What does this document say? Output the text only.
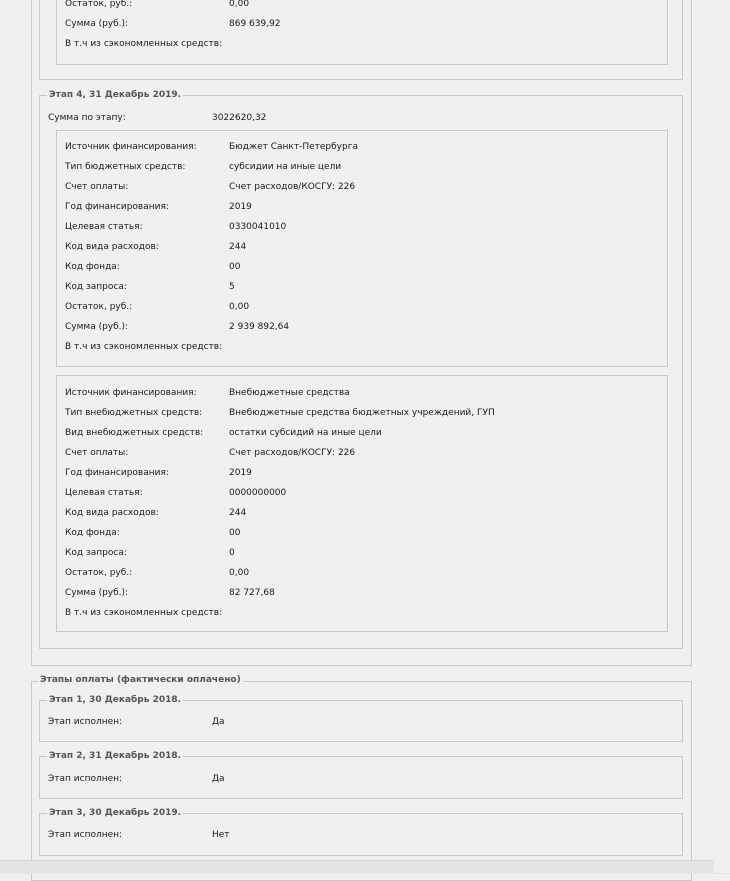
Остаток, руб.:	0,00
Сумма (руб.):	869 639,92
В т.ч из сэкономленных средств:
Этап 4, 31 Декабрь 2019.
Сумма по этапу:	3022620,32
Источник финансирования:	Бюджет Санкт-Петербурга
Тип бюджетных средств:	субсидии на иные цели
Счет оплаты:	Счет расходов/КОСГУ: 226
Год финансирования:	2019
Целевая статья:	0330041010
Код вида расходов:	244
Код фонда:	00
Код запроса:	5
Остаток, руб.:	0,00
Сумма (руб.):	2 939 892,64
В т.ч из сэкономленных средств:
Источник финансирования:	Внебюджетные средства
Тип внебюджетных средств:	Внебюджетные средства бюджетных учреждений, ГУП
Вид внебюджетных средств:	остатки субсидий на иные цели
Счет оплаты:	Счет расходов/КОСГУ: 226
Год финансирования:	2019
Целевая статья:	0000000000
Код вида расходов:	244
Код фонда:	00
Код запроса:	0
Остаток, руб.:	0,00
Сумма (руб.):	82 727,68
В т.ч из сэкономленных средств:
Этапы оплаты (фактически оплачено)
Этап 1, 30 Декабрь 2018.
Этап исполнен:	Да
Этап 2, 31 Декабрь 2018.
Этап исполнен:	Да
Этап 3, 30 Декабрь 2019.
Этап исполнен:	Нет
